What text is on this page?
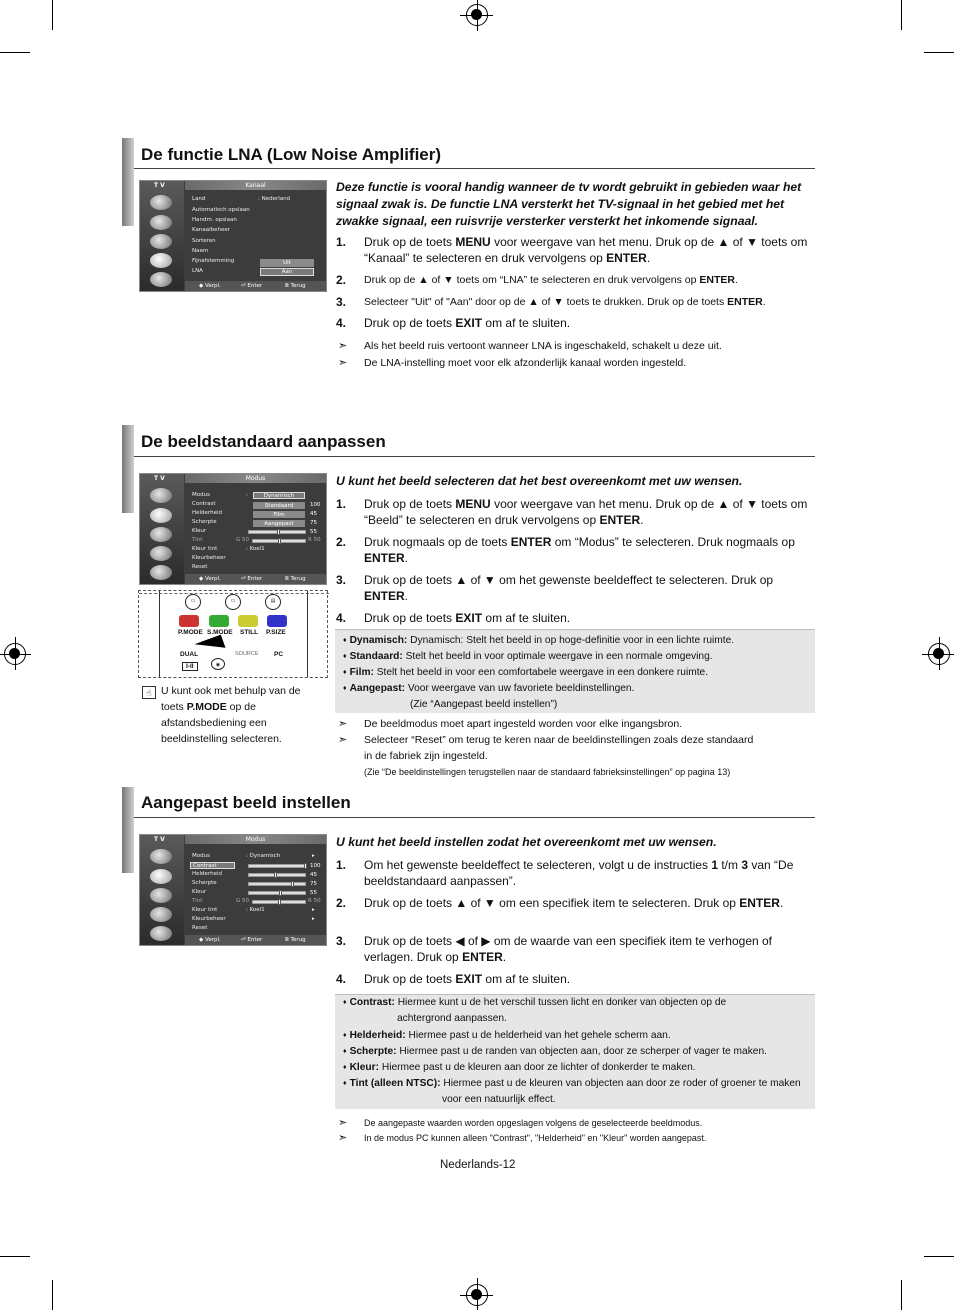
De functie LNA (Low Noise Amplifier)
T V	Kanaal
Land	: Nederland
Automatisch opslaan
Handm. opslaan
Kanaalbeheer
Sorteren
Naam
Fijnafstemming
LNA
Uit
Aan
◆ Verpl.	⏎ Enter	Ⅲ Terug
Deze functie is vooral handig wanneer de tv wordt gebruikt in gebieden waar het signaal zwak is. De functie LNA versterkt het TV-signaal in het gebied met het zwakke signaal, een ruisvrije versterker versterkt het inkomende signaal.
1. Druk op de toets MENU voor weergave van het menu. Druk op de ▲ of ▼ toets om “Kanaal” te selecteren en druk vervolgens op ENTER.
2. Druk op de ▲ of ▼ toets om “LNA” te selecteren en druk vervolgens op ENTER.
3. Selecteer "Uit" of "Aan" door op de ▲ of ▼ toets te drukken. Druk op de toets ENTER.
4. Druk op de toets EXIT om af te sluiten.
➣ Als het beeld ruis vertoont wanneer LNA is ingeschakeld, schakelt u deze uit.
➣ De LNA-instelling moet voor elk afzonderlijk kanaal worden ingesteld.
De beeldstandaard aanpassen
T V	Modus
Modus
Contrast
Helderheid
Scherpte
Kleur
Tint
Kleur tint
Kleurbeheer
Reset
:	Dynamisch
Standaard
Film
Aangepast
100
45
75
55
G 50	R 50
: Koel1
◆ Verpl.	⏎ Enter	Ⅲ Terug
▭	▭	▤
P.MODE S.MODE STILL P.SIZE
DUAL
I-II
SOURCE PC
◉
☝ U kunt ook met behulp van de toets P.MODE op de afstandsbediening een beeldinstelling selecteren.
U kunt het beeld selecteren dat het best overeenkomt met uw wensen.
1. Druk op de toets MENU voor weergave van het menu. Druk op de ▲ of ▼ toets om “Beeld” te selecteren en druk vervolgens op ENTER.
2. Druk nogmaals op de toets ENTER om “Modus” te selecteren. Druk nogmaals op ENTER.
3. Druk op de toets ▲ of ▼ om het gewenste beeldeffect te selecteren. Druk op ENTER.
4. Druk op de toets EXIT om af te sluiten.
♦ Dynamisch: Dynamisch: Stelt het beeld in op hoge-definitie voor in een lichte ruimte.
♦ Standaard: Stelt het beeld in voor optimale weergave in een normale omgeving.
♦ Film: Stelt het beeld in voor een comfortabele weergave in een donkere ruimte.
♦ Aangepast: Voor weergave van uw favoriete beeldinstellingen.
(Zie “Aangepast beeld instellen”)
➣ De beeldmodus moet apart ingesteld worden voor elke ingangsbron.
➣ Selecteer “Reset” om terug te keren naar de beeldinstellingen zoals deze standaard in de fabriek zijn ingesteld.
(Zie “De beeldinstellingen terugstellen naar de standaard fabrieksinstellingen” op pagina 13)
Aangepast beeld instellen
T V	Modus
Modus
Contrast
Helderheid
Scherpte
Kleur
Tint
Kleur tint
Kleurbeheer
Reset
: Dynamisch	▸
100
45
75
55
G 50	R 50
: Koel1	▸
▸
◆ Verpl.	⏎ Enter	Ⅲ Terug
U kunt het beeld instellen zodat het overeenkomt met uw wensen.
1. Om het gewenste beeldeffect te selecteren, volgt u de instructies 1 t/m 3 van “De beeldstandaard aanpassen”.
2. Druk op de toets ▲ of ▼ om een specifiek item te selecteren. Druk op ENTER.
3. Druk op de toets ◀ of ▶ om de waarde van een specifiek item te verhogen of verlagen. Druk op ENTER.
4. Druk op de toets EXIT om af te sluiten.
♦ Contrast: Hiermee kunt u de het verschil tussen licht en donker van objecten op de
achtergrond aanpassen.
♦ Helderheid: Hiermee past u de helderheid van het gehele scherm aan.
♦ Scherpte: Hiermee past u de randen van objecten aan, door ze scherper of vager te maken.
♦ Kleur: Hiermee past u de kleuren aan door ze lichter of donkerder te maken.
♦ Tint (alleen NTSC): Hiermee past u de kleuren van objecten aan door ze roder of groener te maken
voor een natuurlijk effect.
➣ De aangepaste waarden worden opgeslagen volgens de geselecteerde beeldmodus.
➣ In de modus PC kunnen alleen "Contrast", "Helderheid" en "Kleur" worden aangepast.
Nederlands-12
